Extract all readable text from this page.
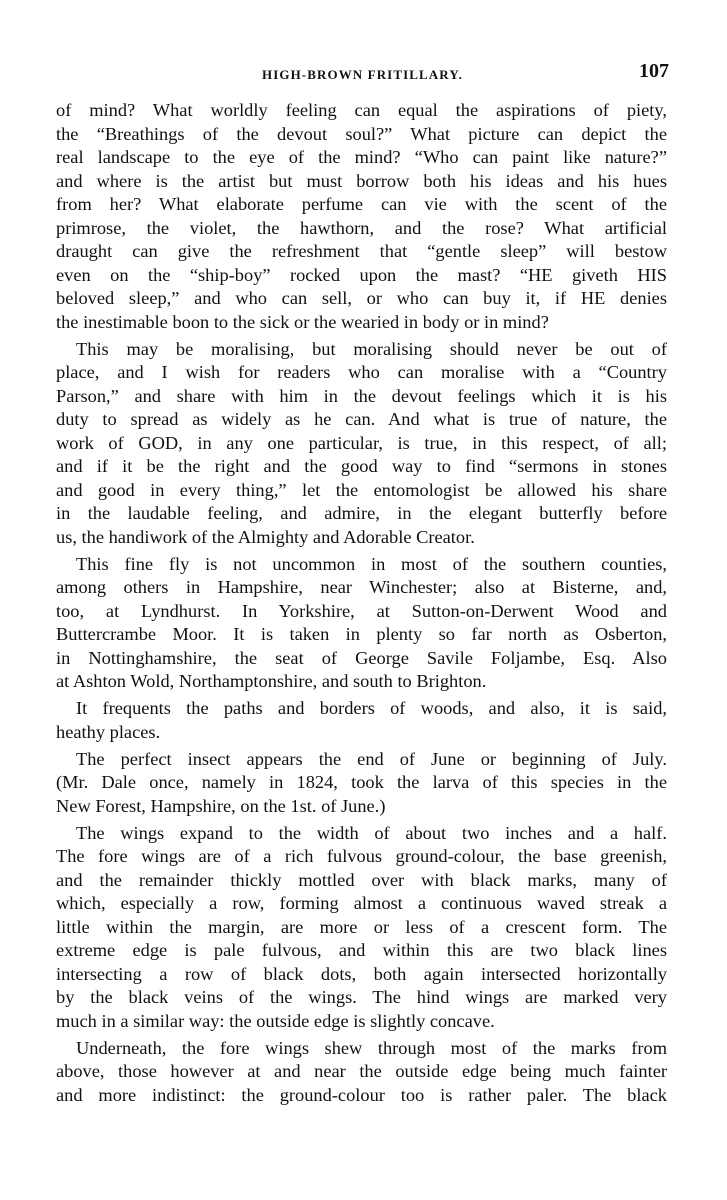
HIGH-BROWN FRITILLARY.	107
of mind? What worldly feeling can equal the aspirations of piety,
the “Breathings of the devout soul?” What picture can depict the
real landscape to the eye of the mind? “Who can paint like nature?”
and where is the artist but must borrow both his ideas and his hues
from her? What elaborate perfume can vie with the scent of the
primrose, the violet, the hawthorn, and the rose? What artificial
draught can give the refreshment that “gentle sleep” will bestow
even on the “ship-boy” rocked upon the mast? “HE giveth HIS
beloved sleep,” and who can sell, or who can buy it, if HE denies
the inestimable boon to the sick or the wearied in body or in mind?
This may be moralising, but moralising should never be out of
place, and I wish for readers who can moralise with a “Country
Parson,” and share with him in the devout feelings which it is his
duty to spread as widely as he can. And what is true of nature, the
work of GOD, in any one particular, is true, in this respect, of all;
and if it be the right and the good way to find “sermons in stones
and good in every thing,” let the entomologist be allowed his share
in the laudable feeling, and admire, in the elegant butterfly before
us, the handiwork of the Almighty and Adorable Creator.
This fine fly is not uncommon in most of the southern counties,
among others in Hampshire, near Winchester; also at Bisterne, and,
too, at Lyndhurst. In Yorkshire, at Sutton-on-Derwent Wood and
Buttercrambe Moor. It is taken in plenty so far north as Osberton,
in Nottinghamshire, the seat of George Savile Foljambe, Esq. Also
at Ashton Wold, Northamptonshire, and south to Brighton.
It frequents the paths and borders of woods, and also, it is said,
heathy places.
The perfect insect appears the end of June or beginning of July.
(Mr. Dale once, namely in 1824, took the larva of this species in the
New Forest, Hampshire, on the 1st. of June.)
The wings expand to the width of about two inches and a half.
The fore wings are of a rich fulvous ground-colour, the base greenish,
and the remainder thickly mottled over with black marks, many of
which, especially a row, forming almost a continuous waved streak a
little within the margin, are more or less of a crescent form. The
extreme edge is pale fulvous, and within this are two black lines
intersecting a row of black dots, both again intersected horizontally
by the black veins of the wings. The hind wings are marked very
much in a similar way: the outside edge is slightly concave.
Underneath, the fore wings shew through most of the marks from
above, those however at and near the outside edge being much fainter
and more indistinct: the ground-colour too is rather paler. The black
